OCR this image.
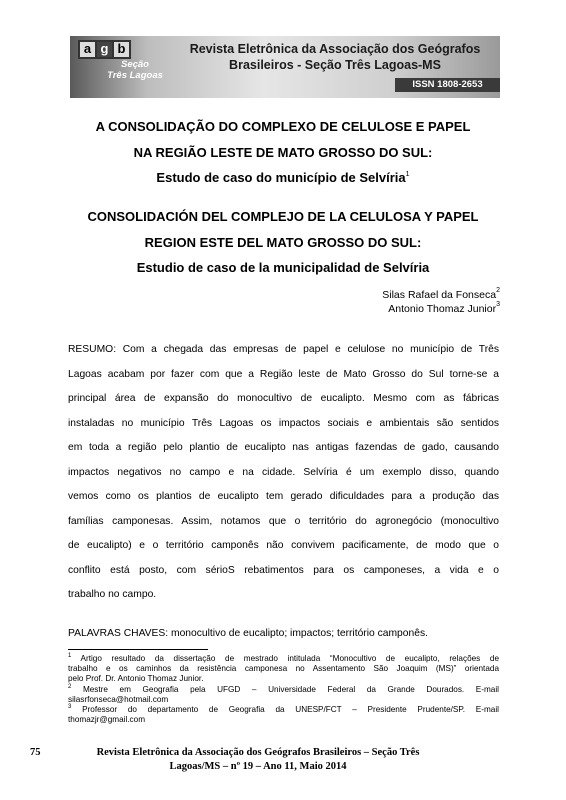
a g b
Seção
Três Lagoas
Revista Eletrônica da Associação dos Geógrafos
Brasileiros - Seção Três Lagoas-MS
ISSN 1808-2653
A CONSOLIDAÇÃO DO COMPLEXO DE CELULOSE E PAPEL
NA REGIÃO LESTE DE MATO GROSSO DO SUL:
Estudo de caso do município de Selvíria$^1$
CONSOLIDACIÓN DEL COMPLEJO DE LA CELULOSA Y PAPEL
REGION ESTE DEL MATO GROSSO DO SUL:
Estudio de caso de la municipalidad de Selvíria
Silas Rafael da Fonseca$^2$
Antonio Thomaz Junior$^3$
RESUMO: Com a chegada das empresas de papel e celulose no município de Três
Lagoas acabam por fazer com que a Região leste de Mato Grosso do Sul torne-se a
principal área de expansão do monocultivo de eucalipto. Mesmo com as fábricas
instaladas no município Três Lagoas os impactos sociais e ambientais são sentidos
em toda a região pelo plantio de eucalipto nas antigas fazendas de gado, causando
impactos negativos no campo e na cidade. Selvíria é um exemplo disso, quando
vemos como os plantios de eucalipto tem gerado dificuldades para a produção das
famílias camponesas. Assim, notamos que o território do agronegócio (monocultivo
de eucalipto) e o território camponês não convivem pacificamente, de modo que o
conflito está posto, com sérioS rebatimentos para os camponeses, a vida e o
trabalho no campo.
PALAVRAS CHAVES: monocultivo de eucalipto; impactos; território camponês.
$^1$ Artigo resultado da dissertação de mestrado intitulada “Monocultivo de eucalipto, relações de
trabalho e os caminhos da resistência camponesa no Assentamento São Joaquim (MS)” orientada
pelo Prof. Dr. Antonio Thomaz Junior.
$^2$ Mestre em Geografia pela UFGD – Universidade Federal da Grande Dourados. E-mail
silasrfonseca@hotmail.com
$^3$ Professor do departamento de Geografia da UNESP/FCT – Presidente Prudente/SP. E-mail
thomazjr@gmail.com
75	Revista Eletrônica da Associação dos Geógrafos Brasileiros – Seção Três
Lagoas/MS – nº 19 – Ano 11, Maio 2014
